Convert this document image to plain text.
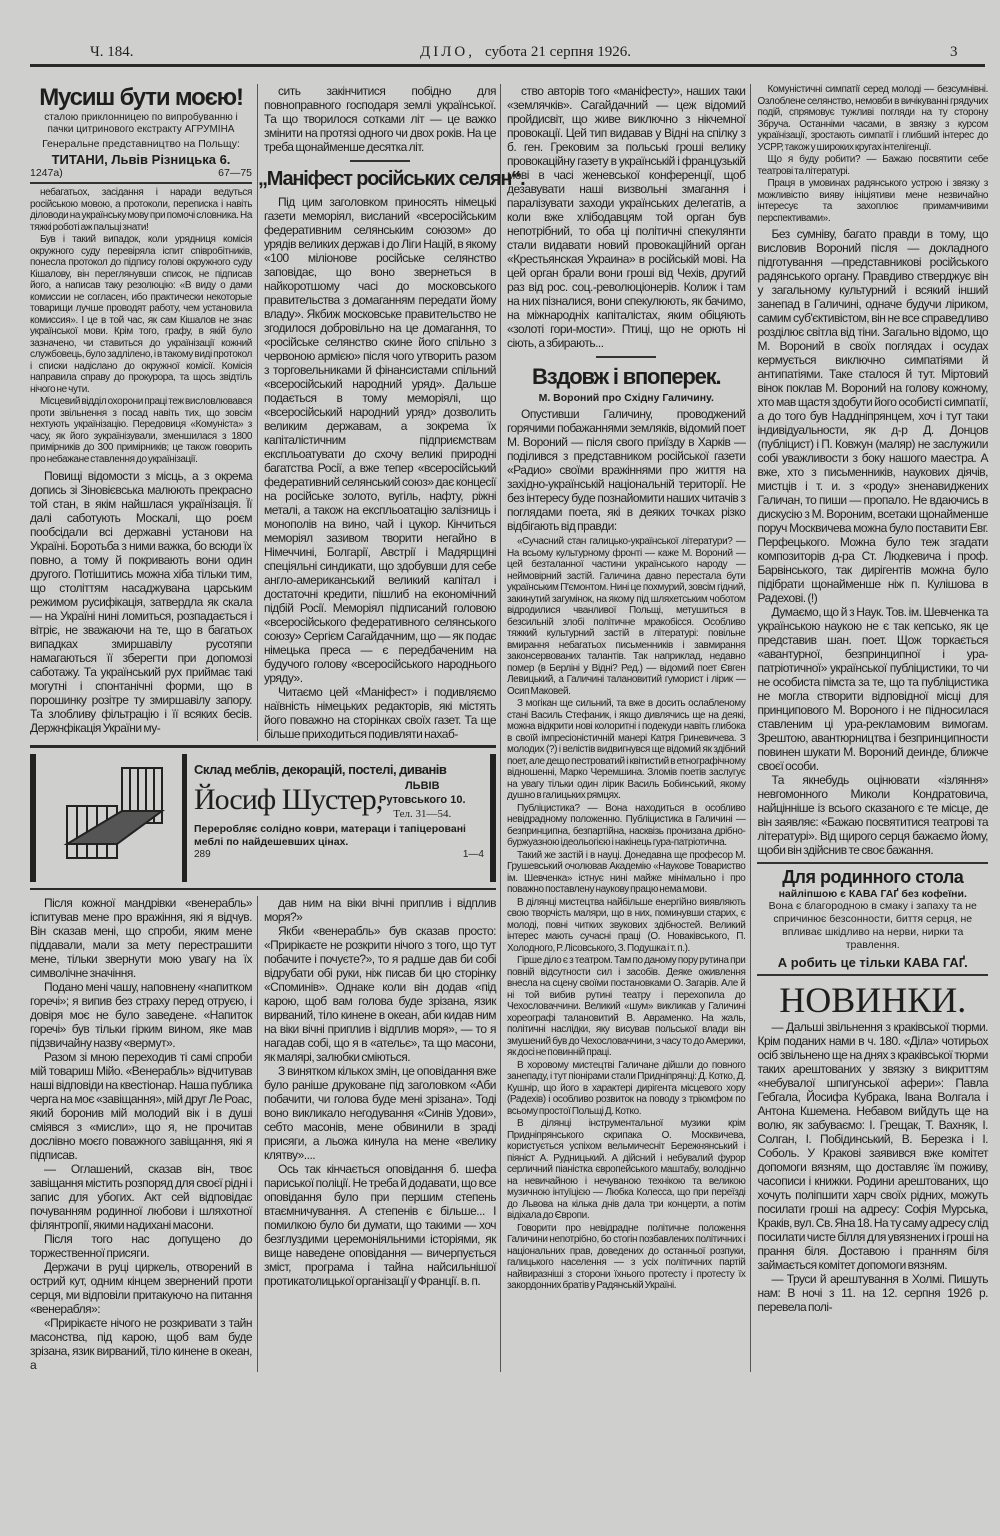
Ч. 184.	ДІЛО, субота 21 серпня 1926.	3
Мусиш бути моєю!
сталою приклонницею по випробуванню і пачки цитринового екстракту АГРУМІНА
Генеральне представництво на Польщу:
ТИТАНИ, Львів Різницька 6.
1247а)	67—75

небагатьох, засідання і наради ведуться російською мовою, а протоколи, переписка і навіть діловоди на українську мову при помочі словника. На тяжкі роботі аж пальці знати!

Був і такий випадок, коли урядниця комісія окружного суду перевіряла іспит співробітників, понесла протокол до підпису голові окружного суду Кішалову, він переглянувши список, не підписав його, а написав таку резолюцію: «В виду о дами комиссии не согласен, ибо практически некоторые товарищи лучше проводят работу, чем установила комиссия». І це в той час, як сам Кішалов не знає української мови. Крім того, графу, в якій було зазначено, чи ставиться до українізації кожний службовець, було задлілено, і в такому виді протокол і списки надіслано до окружної комісії. Комісія направила справу до прокурора, та щось звідтіль нічого не чути.

Місцевий відділ охорони праці теж висловлювався проти звільнення з посад навіть тих, що зовсім нехтують українізацію. Передовиця «Комуніста» з часу, як його зукраїнізували, зменшилася з 1800 примірників до 300 примірників; це також говорить про небажане ставлення до українізації.

Повищі відомости з місць, а з окрема допись зі Зіновієвська малюють прекрасно той стан, в якім найшлася українізація. Її далі саботують Москалі, що роєм пообсідали всі державні установи на Україні. Боротьба з ними важка, бо всюди їх повно, а тому й покривають вони один другого. Потішитись можна хіба тільки тим, що століттям насаджувана царським режимом русифікація, затвердла як скала — на Україні нині ломиться, розпадається і вітріє, не зважаючи на те, що в багатьох випадках змиршавілу русотяпи намагаються її зберегти при допомозі саботажу. Та український рух приймає такі могутні і спонтанічні форми, що в порошинку розітре ту змиршавілу запору. Та злобливу фільтрацію і її всяких бесів. Держнфікація України му-

сить закінчитися побідно для повноправного господаря землі української. Та що творилося сотками літ — це важко змінити на протязі одного чи двох років. На це треба щонайменше десятка літ.

„Маніфест російських селян“.

Під цим заголовком приносять німецькі газети меморіял, висланий «всеросійським федеративним селянським союзом» до урядів великих держав і до Ліги Націй, в якому «100 міліонове російське селянство заповідає, що воно звернеться в найкоротшому часі до московського правительства з домаганням передати йому владу». Якбиж московське правительство не згодилося добровільно на це домагання, то «російське селянство скине його спільно з червоною армією» після чого утворить разом з торговельниками й фінансистами спільний «всеросійський народний уряд». Дальше подається в тому меморіялі, що «всеросійський народний уряд» дозволить великим державам, а зокрема їх капіталістичним підприємствам експльоатувати до схочу великі природні багатства Росії, а вже тепер «всеросійський федеративний селянський союз» дає концесії на російське золото, вугіль, нафту, ріжні металі, а також на експльоатацію залізниць і монополів на вино, чай і цукор. Кінчиться меморіял зазивом творити негайно в Німеччині, Болгарії, Австрії і Мадярщині спеціяльні синдикати, що здобувши для себе англо-американський великий капітал і достаточні кредити, пішлиб на економічний підбій Росії. Меморіял підписаний головою «всеросійського федеративного селянського союзу» Сергієм Сагайдачним, що — як подає німецька преса — є передбаченим на будучого голову «всеросійського народнього уряду».

Читаємо цей «Маніфест» і подивляємо наївність німецьких редакторів, які містять його поважно на сторінках своїх газет. Та ще більше приходиться подивляти нахаб-

Склад меблів, декорацій, постелі, диванів
Йосиф Шустер,	ЛЬВІВ
Рутовського 10.
Тел. 31—54.
Переробляє солідно коври, матераци і тапіцеровані меблі по найдешевших цінах.
289	1—4

Після кожної мандрівки «венерабль» іспитував мене про вражіння, які я відчув. Він сказав мені, що спроби, яким мене піддавали, мали за мету перестрашити мене, тільки звернути мою увагу на їх символічне значіння.

Подано мені чашу, наповнену «напитком горечі»; я випив без страху перед отруєю, і довіря моє не було заведене. «Напиток горечі» був тільки гірким вином, яке мав підзвичайну назву «вермут».

Разом зі мною переходив ті самі спроби мій товариш Мійо. «Венерабль» відчитував наші відповіди на квестіонар. Наша публика черга на моє «завіщання», мій друг Ле Роас, який боронив мій молодий вік і в душі сміявся з «мисли», що я, не прочитав дослівно моєго поважного завіщання, які я підписав.

— Оглашений, сказав він, твоє завіщання містить розпоряд для своєї рідні і запис для убогих. Акт сей відповідає почуванням родинної любови і шляхотної філянтропії, якими надихані масони.

Після того нас допущено до торжественної присяги.

Держачи в руці циркель, отворений в острий кут, одним кінцем звернений проти серця, ми відповіли притакуючо на питання «венерабля»:

«Прирікаєте нічого не розкривати з тайн масонства, під карою, щоб вам буде зрізана, язик вирваний, тіло кинене в океан, а

дав ним на віки вічні приплив і відплив моря?»

Якби «венерабль» був сказав просто: «Прирікаєте не розкрити нічого з того, що тут побачите і почуєте?», то я радше дав би собі відрубати обі руки, ніж писав би цю сторінку «Споминів». Однаке коли він додав «під карою, щоб вам голова буде зрізана, язик вирваний, тіло кинене в океан, аби кидав ним на віки вічні приплив і відплив моря», — то я нагадав собі, що я в «ательє», та що масони, як малярі, залюбки сміються.

З винятком кількох змін, це оповідання вже було раніше друковане під заголовком «Аби побачити, чи голова буде мені зрізана». Тоді воно викликало негодування «Синів Удови», себто масонів, мене обвинили в зраді присяги, а льожа кинула на мене «велику клятву»....

Ось так кінчається оповідання б. шефа париської поліції. Не треба й додавати, що все оповідання було при першим степень втаємничування. А степенів є більше... І помилкою було би думати, що такими — хоч безглуздими церемоніяльними історіями, як вище наведене оповідання — вичерпується зміст, програма і тайна найсильнішої протикатолицької організації у Франції. в. п.

ство авторів того «маніфесту», наших таки «землячків». Сагайдачний — цеж відомий пройдисвіт, що живе виключно з нікчемної провокації. Цей тип видавав у Відні на спілку з б. ген. Грековим за польські гроші велику провокаційну газету в українській і французькій мові в часі женевської конференції, щоб дезавувати наші визвольні змагання і паралізувати заходи українських делегатів, а коли вже хлібодавцям той орган був непотрібний, то оба ці політичні спекулянти стали видавати новий провокаційний орган «Крестьянская Украина» в російській мові. На цей орган брали вони гроші від Чехів, другий раз від рос. соц.-революціонерів. Колиж і там на них пізналися, вони спекулюють, як бачимо, на міжнародніх капіталістах, яким обіцяють «золоті гори-мости». Птиці, що не орють ні сіють, а збирають...

Вздовж і впоперек.
М. Вороний про Східну Галичину.

Опустивши Галичину, проводжений горячими побажаннями земляків, відомий поет М. Вороний — після свого приїзду в Харків — поділився з представником російської газети «Радио» своїми вражіннями про життя на західно-українській національній території. Не без інтересу буде познайомити наших читачів з поглядами поета, які в деяких точках різко відбігають від правди:

«Сучасний стан галицько-української літератури? — На всьому культурному фронті — каже М. Вороний — цей безталанної частини українського народу — неймовірний застій. Галичина давно перестала бути українським П'ємонтом. Нині це похмурий, зовсім гідний, закинутий загумінок, на якому під шляхетським чоботом відродилися чванливої Польщі, метушиться в безсильній злобі політичне мракобісся. Особливо тяжкий культурний застій в літературі: повільне вмирання небагатьох письменників і завмирання законсервованих талантів. Так наприклад, недавно помер (в Берліні у Відні? Ред.) — відомий поет Євген Левицький, а Галичині талановитий гуморист і лірик — Осип Маковей.

З могікан ще сильний, та вже в досить ослабленому стані Василь Стефаник, і якщо дивлячись ще на деякі, можна відкрити нові колоритні і подекуди навіть глибока в своїй імпресіоністичній манері Катря Гриневичева. З молодих (?) і велістів видвигнувся ще відомий як здібний поет, але дещо пестроватий і квітистий в етнографічному відношенні, Марко Черемшина. Зломів поетів заслугує на увагу тільки один лірик Василь Бобинський, якому душно в галицьких рямцях.

Публіцистика? — Вона находиться в особливо невідрадному положенню. Публіцистика в Галичині — безпринципна, безпартійна, насквізь пронизана дрібно-буржуазною ідеольогією і накінець гура-патріотична.

Такий же застій і в науці. Донедавна ще професор М. Грушевський очолював Академію «Наукове Товариство ім. Шевченка» істнує нині майже мінімально і про поважно поставлену наукову працю нема мови.

В ділянці мистецтва найбільше енергійно виявляють свою творчість маляри, що в них, поминувши старих, є молоді, повні читких звукових здібностей. Великий інтерес мають сучасні праці (О. Новаківського, П. Холодного, Р. Лісовського, З. Подушка і т. п.).

Гірше діло є з театром. Там по даному пору рутина при повній відсутности сил і засобів. Деяке оживлення внесла на сцену своїми постановками О. Загарів. Але й ні той вибив рутині театру і перехопила до Чехословаччини. Великий «шум» викликав у Галичині хореографі талановитий В. Авраменко. На жаль, політичні наслідки, яку висував польської влади він змушений був до Чехословаччини, з часу то до Америки, як досі не повинній праці.

В хоровому мистецтві Галичане дійшли до повного занепаду, і тут піонірами стали Придніпрянці: Д. Котко, Д. Кушнір, що його в характері дирігента місцевого хору (Радехів) і особливо розвиток на поводу з тріюмфом по всьому простої Польщі Д. Котко.

В ділянці інструментальної музики крім Придніпрянського скрипака О. Москвичева, користується успіхом вельмичесніт Бережнянський і піяніст А. Рудницький. А дійсний і небувалий фурор серличний піаністка європейського маштабу, володінчо на невичайною і нечуваною технікою та великою музичною інтуїцією — Любка Колесса, що при переїзді до Львова на кілька днів дала три концерти, а потім відіхала до Європи.

Говорити про невідрадне політичне положення Галичини непотрібно, бо стогін позбавлених політичних і національних прав, доведених до останньої розпуки, галицького населення — з усіх політичних партій найвиразніші з сторони їхнього протесту і протесту їх закордонних братів у Радянській Україні.

Комуністичні симпатії серед молоді — безсумнівні. Озлоблене селянство, немовби в вичікуванні грядучих подій, спрямовує тужливі погляди на ту сторону Збруча. Останніми часами, в звязку з курсом українізації, зростають симпатії і глибший інтерес до УСРР, також у широких кругах інтелігенції.

Що я буду робити? — Бажаю посвятити себе театрові та літературі.

Праця в умовинах радянського устрою і звязку з можливістю вияву ініціятиви мене незвичайно інтересує та захоплює примамчивими перспективами».

Без сумніву, багато правди в тому, що висловив Вороний після — докладного підготування —представникові російського радянського органу. Правдиво стверджує він у загальному культурний і всякий інший занепад в Галичині, одначе будучи ліриком, самим суб'єктивістом, він не все справедливо розділює світла від тіни. Загально відомо, що М. Вороний в своїх поглядах і осудах кермується виключно симпатіями й антипатіями. Таке сталося й тут. Міртовий вінок поклав М. Вороний на голову кожному, хто мав щастя здобути його особисті симпатії, а до того був Наддніпрянцем, хоч і тут таки індивідуальности, як д-р Д. Донцов (публіцист) і П. Ковжун (маляр) не заслужили собі уважливости з боку нашого маестра. А вже, хто з письменників, наукових діячів, мистців і т. и. з «роду» зненавиджених Галичан, то пиши — пропало. Не вдаючись в дискусію з М. Вороним, всетаки щонайменше поруч Москвичева можна було поставити Евг. Перфецького. Можна було теж згадати композиторів д-ра Ст. Людкевича і проф. Барвінського, так дирігентів можна було підібрати щонайменше ніж п. Кулішова в Радехові. (!)

Думаємо, що й з Наук. Тов. ім. Шевченка та українською наукою не є так кепсько, як це представив шан. поет. Щож торкається «авантурної, безпринципної і ура-патріотичної» української публіцистики, то чи не особиста пімста за те, що та публіцистика не могла створити відповідної місці для принципового М. Вороного і не підносилася ставленим ці ура-рекламовим вимогам. Зрештою, авантюрництва і безпринципности повинен шукати М. Вороний деинде, ближче своєї особи.

Та якнебудь оцінювати «ізляння» невгомонного Миколи Кондратовича, найцінніше із всього сказаного є те місце, де він заявляє: «Бажаю посвятитися театрові та літературі». Від щирого серця бажаємо йому, щоби він здійснив те своє бажання.

Для родинного стола
найліпшою є КАВА ГАҐ без кофеїни.
Вона є благородною в смаку і запаху та не спричинює безсонности, биття серця, не впливає шкідливо на нерви, нирки та травлення.
А робить це тільки КАВА ГАҐ.
НОВИНКИ.

— Дальші звільнення з краківської тюрми. Крім поданих нами в ч. 180. «Діла» чотирьох осіб звільнено ще на днях з краківської тюрми таких арештованих у звязку з викриттям «небувалої шпигунської афери»: Павла Гебгала, Йосифа Кубрака, Івана Волгала і Антона Кшемена. Небавом вийдуть ще на волю, як забуваємо: І. Грещак, Т. Вахняк, І. Солган, І. Побідинський, В. Березка і І. Соболь. У Кракові заявився вже комітет допомоги вязням, що доставляє їм поживу, часописи і книжки. Родини арештованих, що хочуть поліпшити харч своїх рідних, можуть посилати гроші на адресу: Софія Мурська, Краків, вул. Св. Яна 18. На ту саму адресу слід посилати чисте білля для увязнених і гроші на прання біля. Доставою і пранням біля займається комітет допомоги вязням.

— Труси й арештування в Холмі. Пишуть нам: В ночі з 11. на 12. серпня 1926 р. перевела полі-
